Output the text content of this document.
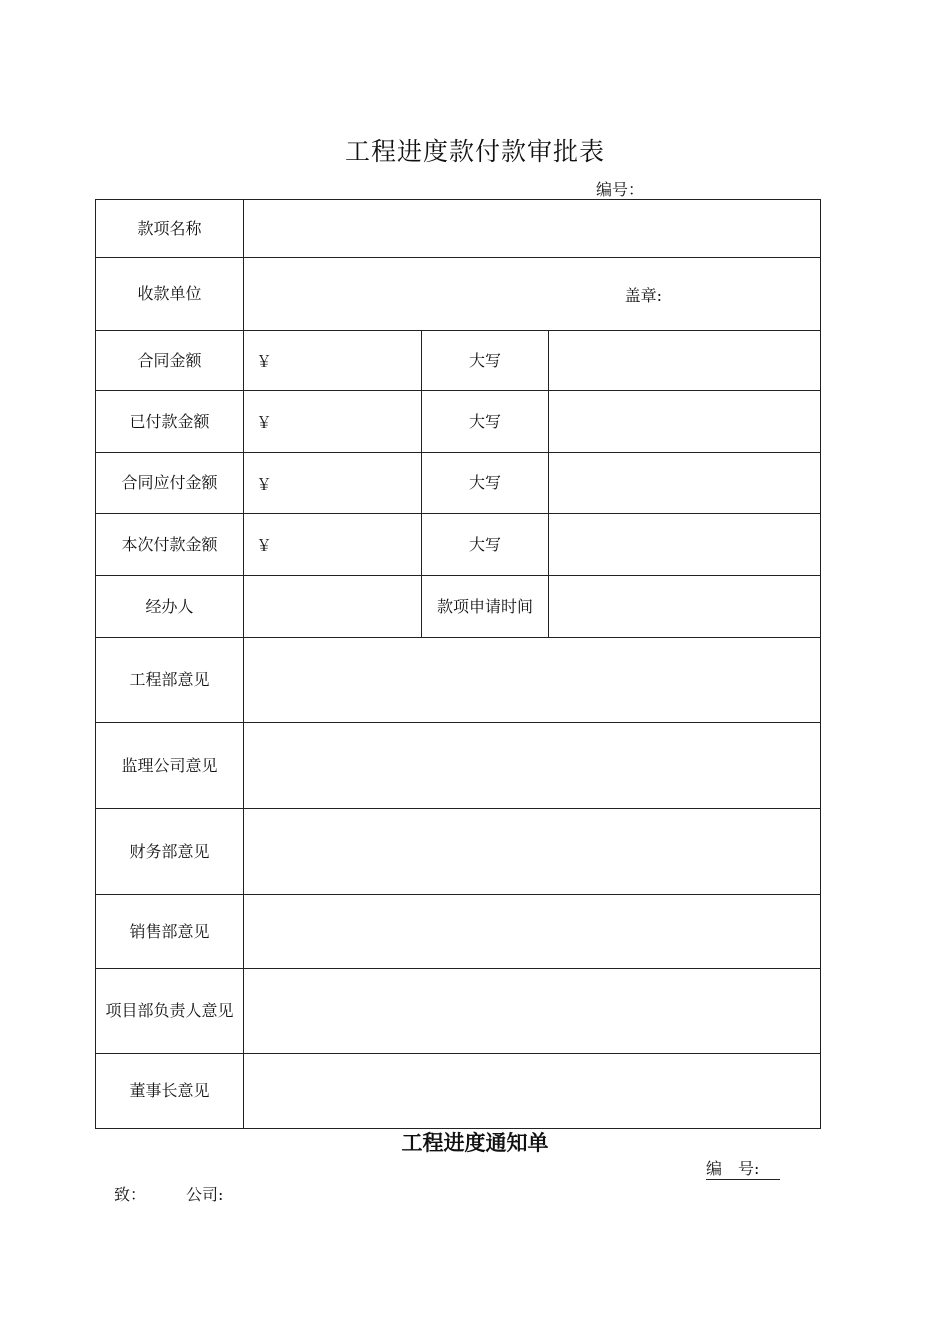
工程进度款付款审批表
编号：
款项名称			
收款单位	盖章:		
合同金额	￥	大写	
已付款金额	￥	大写	
合同应付金额	￥	大写	
本次付款金额	￥	大写	
经办人		款项申请时间	
工程部意见			
监理公司意见			
财务部意见			
销售部意见			
项目部负责人意见			
董事长意见			
工程进度通知单
编　号:
致：　　　公司:
